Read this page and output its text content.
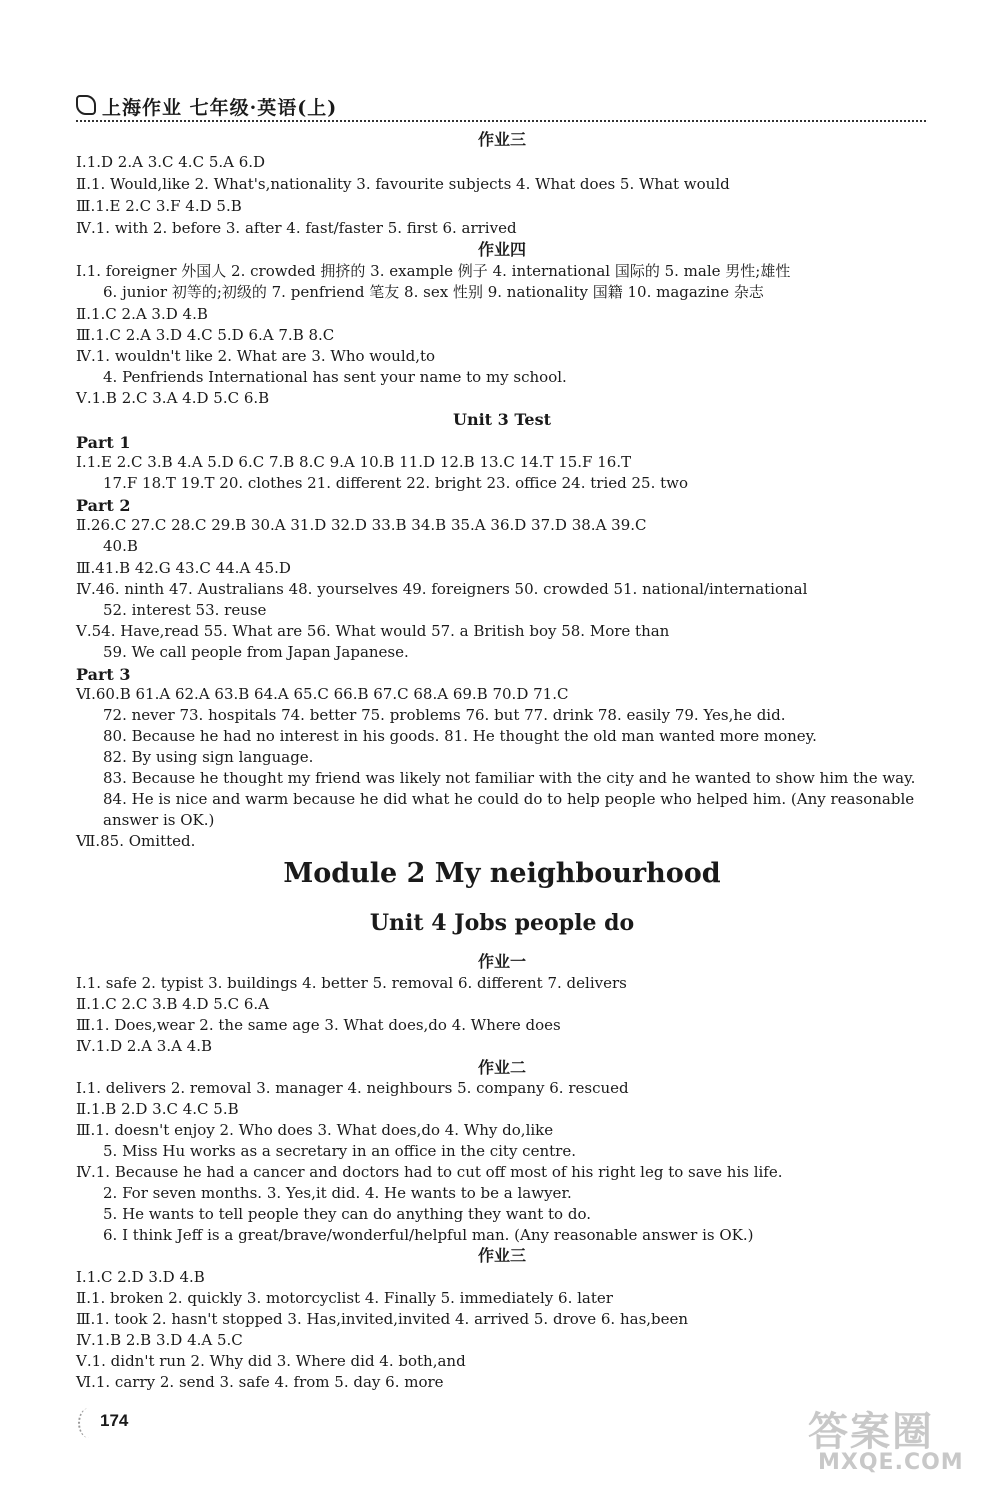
上海作业 七年级·英语(上)
作业三
Ⅰ.1.D 2.A 3.C 4.C 5.A 6.D
Ⅱ.1. Would,like 2. What's,nationality 3. favourite subjects 4. What does 5. What would
Ⅲ.1.E 2.C 3.F 4.D 5.B
Ⅳ.1. with 2. before 3. after 4. fast/faster 5. first 6. arrived
作业四
Ⅰ.1. foreigner 外国人 2. crowded 拥挤的 3. example 例子 4. international 国际的 5. male 男性;雄性
6. junior 初等的;初级的 7. penfriend 笔友 8. sex 性别 9. nationality 国籍 10. magazine 杂志
Ⅱ.1.C 2.A 3.D 4.B
Ⅲ.1.C 2.A 3.D 4.C 5.D 6.A 7.B 8.C
Ⅳ.1. wouldn't like 2. What are 3. Who would,to
4. Penfriends International has sent your name to my school.
Ⅴ.1.B 2.C 3.A 4.D 5.C 6.B
Unit 3 Test
Part 1
Ⅰ.1.E 2.C 3.B 4.A 5.D 6.C 7.B 8.C 9.A 10.B 11.D 12.B 13.C 14.T 15.F 16.T
17.F 18.T 19.T 20. clothes 21. different 22. bright 23. office 24. tried 25. two
Part 2
Ⅱ.26.C 27.C 28.C 29.B 30.A 31.D 32.D 33.B 34.B 35.A 36.D 37.D 38.A 39.C
40.B
Ⅲ.41.B 42.G 43.C 44.A 45.D
Ⅳ.46. ninth 47. Australians 48. yourselves 49. foreigners 50. crowded 51. national/international
52. interest 53. reuse
Ⅴ.54. Have,read 55. What are 56. What would 57. a British boy 58. More than
59. We call people from Japan Japanese.
Part 3
Ⅵ.60.B 61.A 62.A 63.B 64.A 65.C 66.B 67.C 68.A 69.B 70.D 71.C
72. never 73. hospitals 74. better 75. problems 76. but 77. drink 78. easily 79. Yes,he did.
80. Because he had no interest in his goods. 81. He thought the old man wanted more money.
82. By using sign language.
83. Because he thought my friend was likely not familiar with the city and he wanted to show him the way.
84. He is nice and warm because he did what he could do to help people who helped him. (Any reasonable
answer is OK.)
Ⅶ.85. Omitted.
Module 2 My neighbourhood
Unit 4 Jobs people do
作业一
Ⅰ.1. safe 2. typist 3. buildings 4. better 5. removal 6. different 7. delivers
Ⅱ.1.C 2.C 3.B 4.D 5.C 6.A
Ⅲ.1. Does,wear 2. the same age 3. What does,do 4. Where does
Ⅳ.1.D 2.A 3.A 4.B
作业二
Ⅰ.1. delivers 2. removal 3. manager 4. neighbours 5. company 6. rescued
Ⅱ.1.B 2.D 3.C 4.C 5.B
Ⅲ.1. doesn't enjoy 2. Who does 3. What does,do 4. Why do,like
5. Miss Hu works as a secretary in an office in the city centre.
Ⅳ.1. Because he had a cancer and doctors had to cut off most of his right leg to save his life.
2. For seven months. 3. Yes,it did. 4. He wants to be a lawyer.
5. He wants to tell people they can do anything they want to do.
6. I think Jeff is a great/brave/wonderful/helpful man. (Any reasonable answer is OK.)
作业三
Ⅰ.1.C 2.D 3.D 4.B
Ⅱ.1. broken 2. quickly 3. motorcyclist 4. Finally 5. immediately 6. later
Ⅲ.1. took 2. hasn't stopped 3. Has,invited,invited 4. arrived 5. drove 6. has,been
Ⅳ.1.B 2.B 3.D 4.A 5.C
Ⅴ.1. didn't run 2. Why did 3. Where did 4. both,and
Ⅵ.1. carry 2. send 3. safe 4. from 5. day 6. more
174	答案圈
MXQE.COM
